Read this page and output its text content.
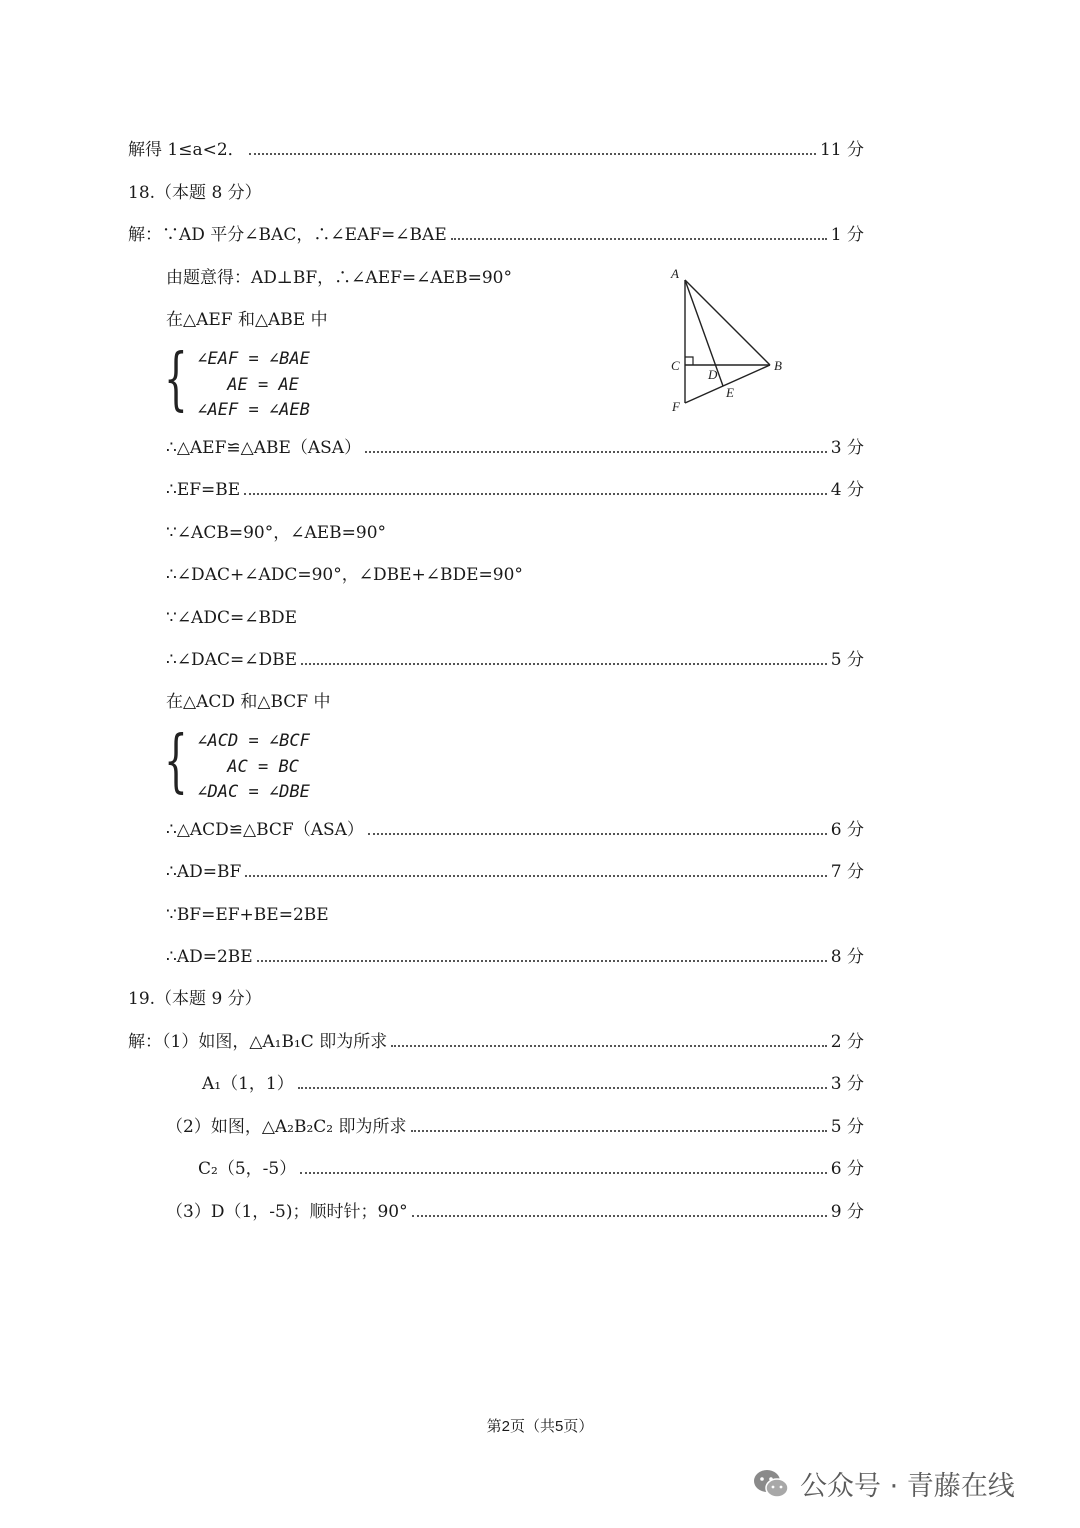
解得 1≤a<2．	11 分
18.（本题 8 分）
解：∵AD 平分∠BAC，∴∠EAF=∠BAE	1 分
由题意得：AD⊥BF，∴∠AEF=∠AEB=90°
在△AEF 和△ABE 中
{ ∠EAF = ∠BAE
AE = AE
∠AEF = ∠AEB
A
B
C
D
E
F
∴△AEF≌△ABE（ASA）	3 分
∴EF=BE	4 分
∵∠ACB=90°，∠AEB=90°
∴∠DAC+∠ADC=90°，∠DBE+∠BDE=90°
∵∠ADC=∠BDE
∴∠DAC=∠DBE	5 分
在△ACD 和△BCF 中
{ ∠ACD = ∠BCF
AC = BC
∠DAC = ∠DBE
∴△ACD≌△BCF（ASA）	6 分
∴AD=BF	7 分
∵BF=EF+BE=2BE
∴AD=2BE	8 分
19.（本题 9 分）
解：（1）如图，△A₁B₁C 即为所求	2 分
A₁（1，1）	3 分
（2）如图，△A₂B₂C₂ 即为所求	5 分
C₂（5，-5）	6 分
（3）D（1，-5)；顺时针；90°	9 分
第2页（共5页）
公众号 · 青藤在线
